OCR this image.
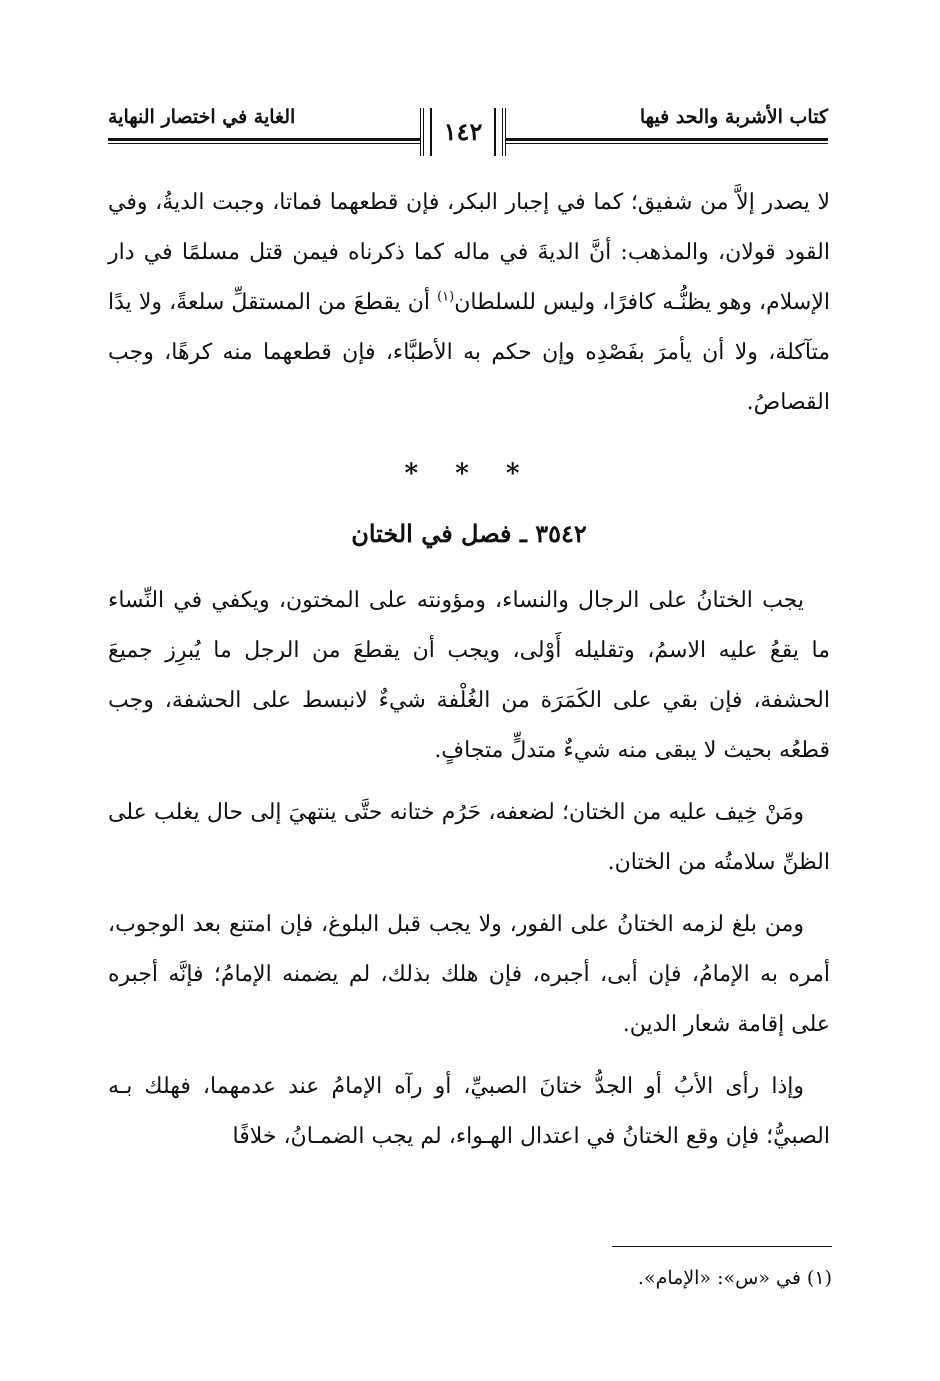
كتاب الأشربة والحد فيها
الغاية في اختصار النهاية	١٤٢

لا يصدر إلاَّ من شفيق؛ كما في إجبار البكر، فإن قطعهما فماتا، وجبت الديةُ، وفي القود قولان، والمذهب: أنَّ الديةَ في ماله كما ذكرناه فيمن قتل مسلمًا في دار الإسلام، وهو يظنُّـه كافرًا، وليس للسلطان$^{(١)}$ أن يقطعَ من المستقلِّ سلعةً، ولا يدًا متآكلة، ولا أن يأمرَ بفَصْدِه وإن حكم به الأطبَّاء، فإن قطعهما منه كرهًا، وجب القصاصُ.

* * *
٣٥٤٢ ـ فصل في الختان

يجب الختانُ على الرجال والنساء، ومؤونته على المختون، ويكفي في النِّساء ما يقعُ عليه الاسمُ، وتقليله أَوْلى، ويجب أن يقطعَ من الرجل ما يُبرِز جميعَ الحشفة، فإن بقي على الكَمَرَة من الغُلْفة شيءٌ لانبسط على الحشفة، وجب قطعُه بحيث لا يبقى منه شيءٌ متدلٍّ متجافٍ.

ومَنْ خِيف عليه من الختان؛ لضعفه، حَرُم ختانه حتَّى ينتهيَ إلى حال يغلب على الظنِّ سلامتُه من الختان.

ومن بلغ لزمه الختانُ على الفور، ولا يجب قبل البلوغ، فإن امتنع بعد الوجوب، أمره به الإمامُ، فإن أبى، أجبره، فإن هلك بذلك، لم يضمنه الإمامُ؛ فإنَّه أجبره على إقامة شعار الدين.

وإذا رأى الأبُ أو الجدُّ ختانَ الصبيِّ، أو رآه الإمامُ عند عدمهما، فهلك بـه الصبيُّ؛ فإن وقع الختانُ في اعتدال الهـواء، لم يجب الضمـانُ، خلافًا

(١) في «س»: «الإمام».
